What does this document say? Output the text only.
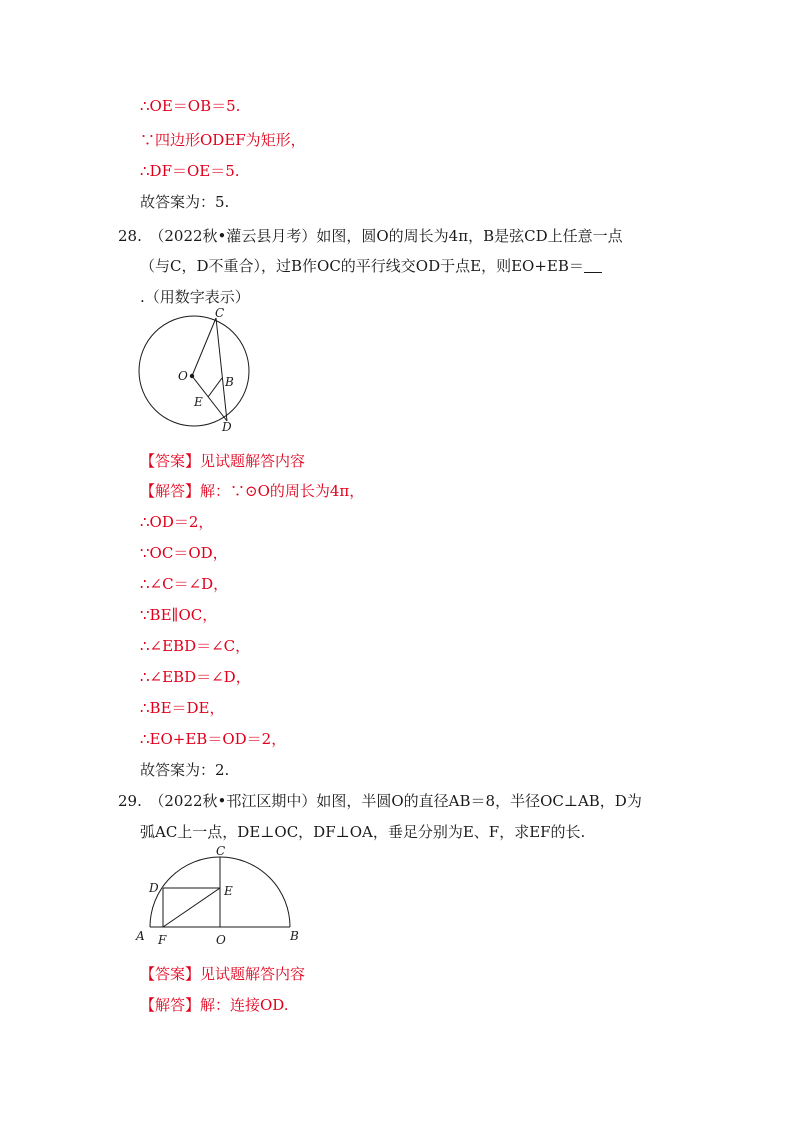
∴OE＝OB＝5.
∵四边形ODEF为矩形，
∴DF＝OE＝5.
故答案为：5.
28.　（2022秋•灌云县月考）如图，圆O的周长为4π，B是弦CD上任意一点
（与C，D不重合），过B作OC的平行线交OD于点E，则EO+EB＝
.（用数字表示）
C
O	B
E
D
【答案】见试题解答内容
【解答】解：∵⊙O的周长为4π，
∴OD＝2，
∵OC＝OD，
∴∠C＝∠D，
∵BE∥OC，
∴∠EBD＝∠C，
∴∠EBD＝∠D，
∴BE＝DE，
∴EO+EB＝OD＝2，
故答案为：2.
29.　（2022秋•邗江区期中）如图，半圆O的直径AB＝8，半径OC⊥AB，D为
弧AC上一点，DE⊥OC，DF⊥OA，垂足分别为E、F，求EF的长.
C
D	E
A F	O	B
【答案】见试题解答内容
【解答】解：连接OD.
